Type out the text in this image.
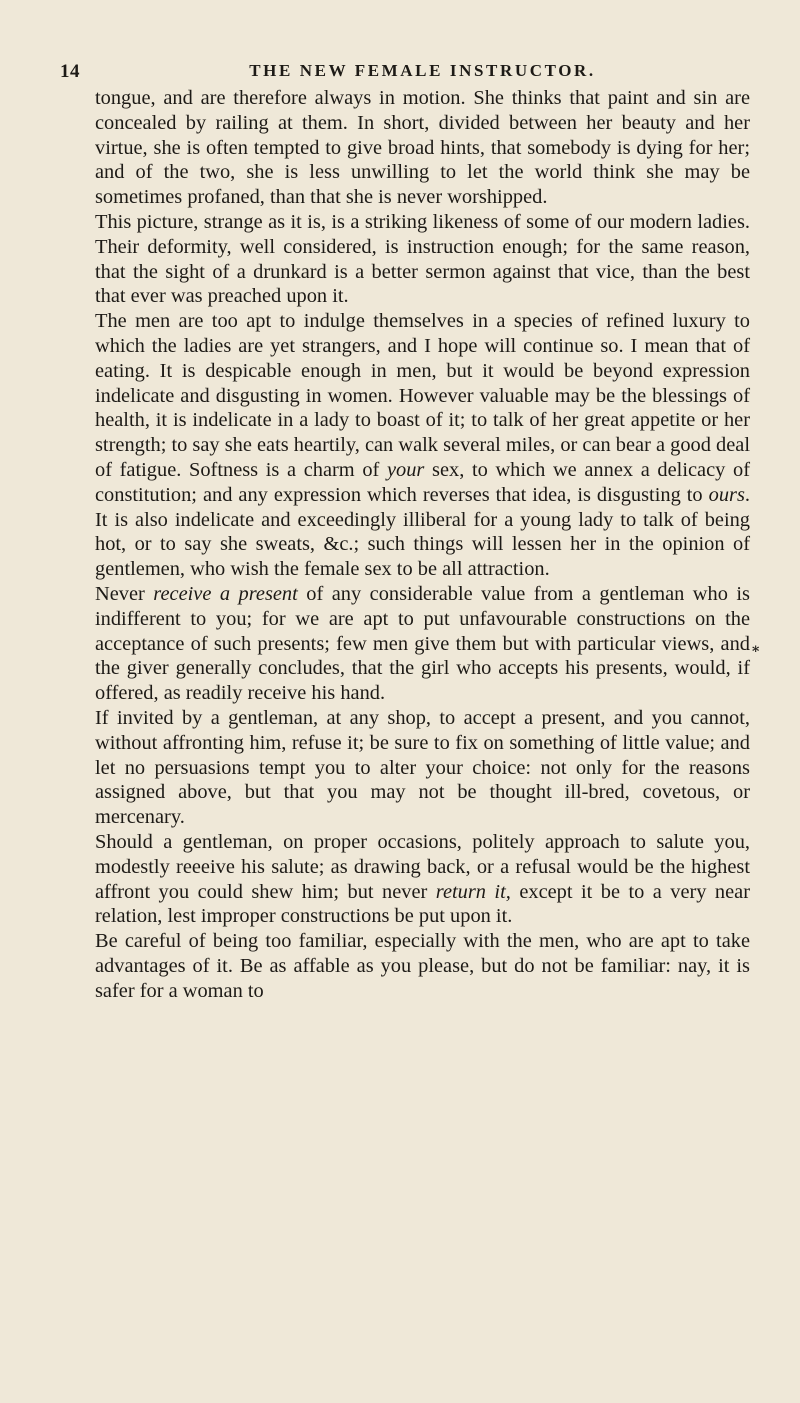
14	THE NEW FEMALE INSTRUCTOR.

tongue, and are therefore always in motion. She thinks that paint and sin are concealed by railing at them. In short, divided between her beauty and her virtue, she is often tempted to give broad hints, that somebody is dying for her; and of the two, she is less unwilling to let the world think she may be sometimes profaned, than that she is never worshipped.

This picture, strange as it is, is a striking likeness of some of our modern ladies. Their deformity, well considered, is instruction enough; for the same reason, that the sight of a drunkard is a better sermon against that vice, than the best that ever was preached upon it.

The men are too apt to indulge themselves in a species of refined luxury to which the ladies are yet strangers, and I hope will continue so. I mean that of eating. It is despicable enough in men, but it would be beyond expression indelicate and disgusting in women. However valuable may be the blessings of health, it is indelicate in a lady to boast of it; to talk of her great appetite or her strength; to say she eats heartily, can walk several miles, or can bear a good deal of fatigue. Softness is a charm of your sex, to which we annex a delicacy of constitution; and any expression which reverses that idea, is disgusting to ours. It is also indelicate and exceedingly illiberal for a young lady to talk of being hot, or to say she sweats, &c.; such things will lessen her in the opinion of gentlemen, who wish the female sex to be all attraction.

Never receive a present of any considerable value from a gentleman who is indifferent to you; for we are apt to put unfavourable constructions on the acceptance of such presents; few men give them but with particular views, and the giver generally concludes, that the girl who accepts his presents, would, if offered, as readily receive his hand.

If invited by a gentleman, at any shop, to accept a present, and you cannot, without affronting him, refuse it; be sure to fix on something of little value; and let no persuasions tempt you to alter your choice: not only for the reasons assigned above, but that you may not be thought ill-bred, covetous, or mercenary.

Should a gentleman, on proper occasions, politely approach to salute you, modestly reeeive his salute; as drawing back, or a refusal would be the highest affront you could shew him; but never return it, except it be to a very near relation, lest improper constructions be put upon it.

Be careful of being too familiar, especially with the men, who are apt to take advantages of it. Be as affable as you please, but do not be familiar: nay, it is safer for a woman to

⁎
